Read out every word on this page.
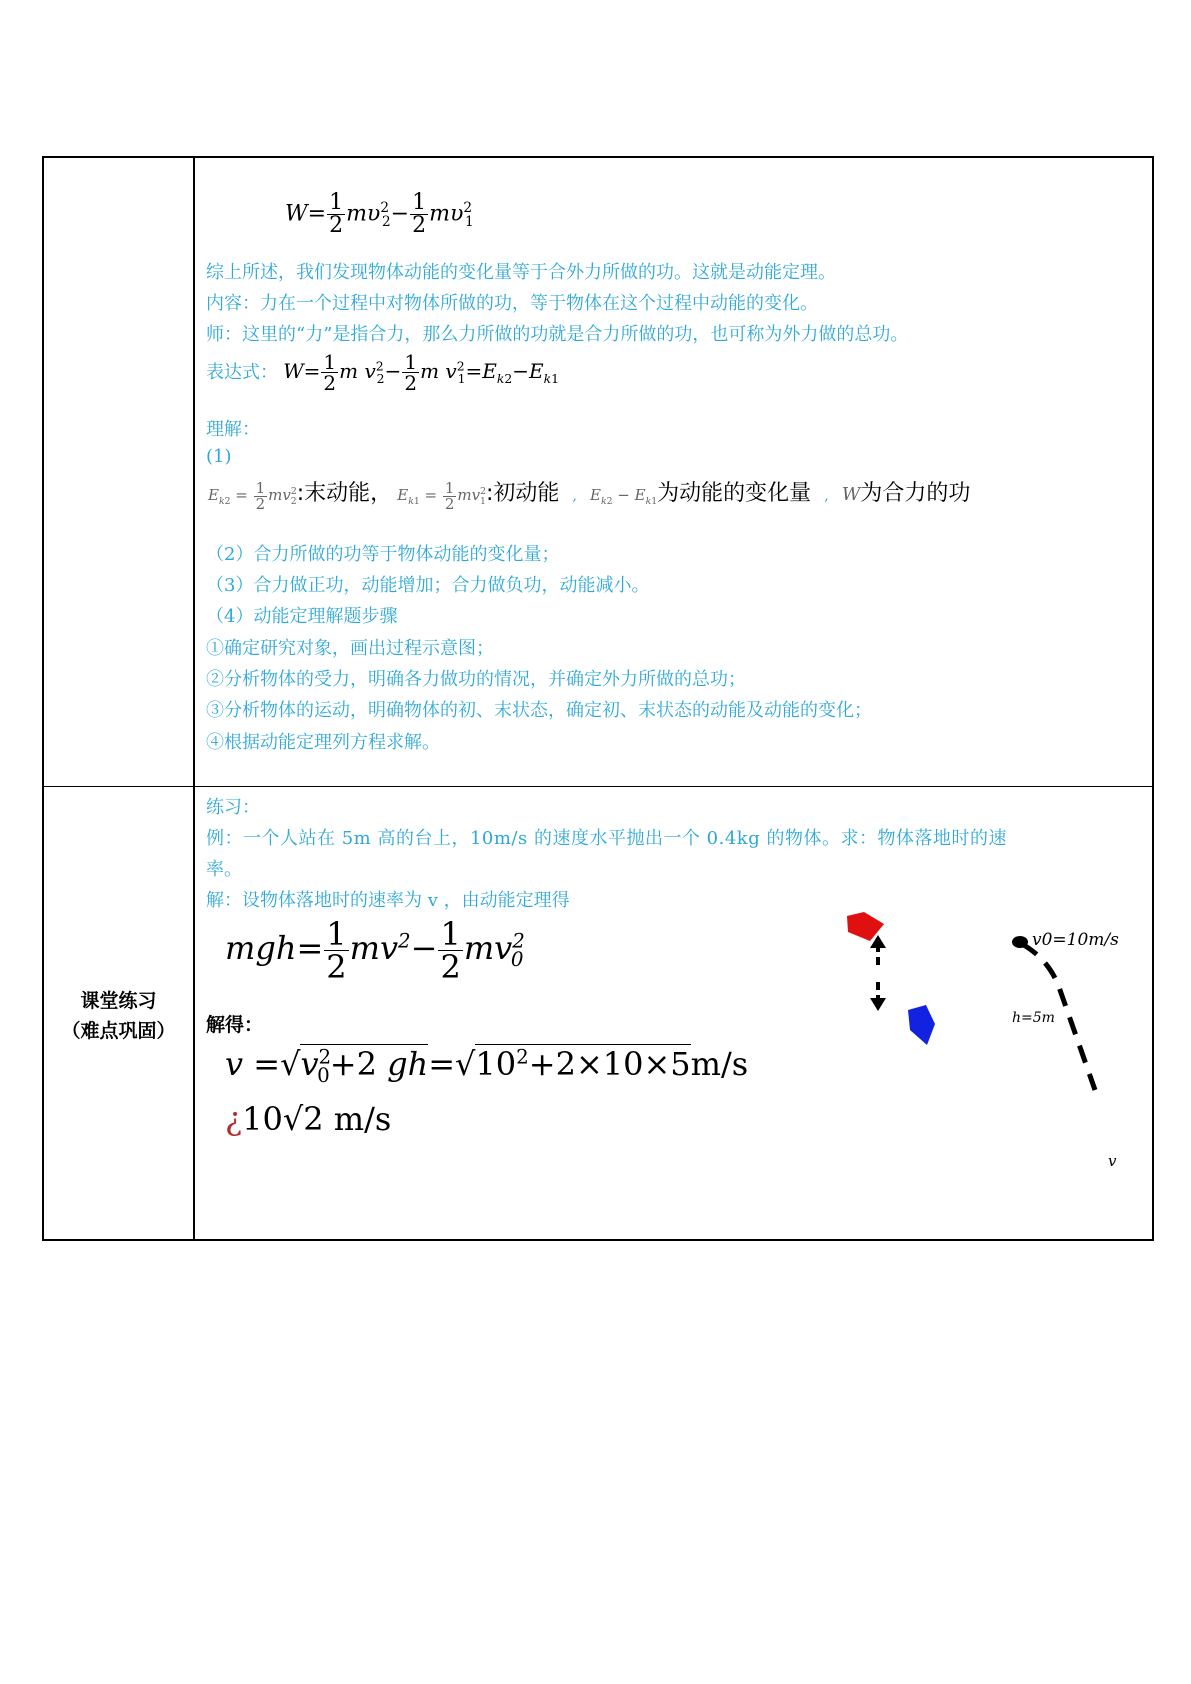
$W= \frac{1}{2} m\upsilon^2_2- \frac{1}{2} m\upsilon^2_1$
综上所述，我们发现物体动能的变化量等于合外力所做的功。这就是动能定理。
内容：力在一个过程中对物体所做的功，等于物体在这个过程中动能的变化。
师：这里的“力”是指合力，那么力所做的功就是合力所做的功，也可称为外力做的总功。
表达式： $W= \frac{1}{2}$ m $v^2_2- \frac{1}{2}$ m $v^2_1=E_{k2}-E_{k1}$
理解：
(1)
$E_{k2} = \frac{1}{2} mv^2_2$:末动能， $E_{k1} = \frac{1}{2} mv^2_1$:初动能 , $E_{k2} - E_{k1}$为动能的变化量 , W为合力的功
（2）合力所做的功等于物体动能的变化量；
（3）合力做正功，动能增加；合力做负功，动能减小。
（4）动能定理解题步骤
①确定研究对象，画出过程示意图；
②分析物体的受力，明确各力做功的情况，并确定外力所做的总功；
③分析物体的运动，明确物体的初、末状态，确定初、末状态的动能及动能的变化；
④根据动能定理列方程求解。
课堂练习
（难点巩固）
练习：
例：一个人站在 5m 高的台上，10m/s 的速度水平抛出一个 0.4kg 的物体。求：物体落地时的速
率。
解：设物体落地时的速率为 v ，由动能定理得
$mgh= \frac{1}{2} mv^2- \frac{1}{2} mv^2_0$
解得：
$v =√v^2_0+2$ $gh=√10^2+2\times 10\times 5m/s$
¿10√2 m/s
v0=10m/s
h=5m
v
